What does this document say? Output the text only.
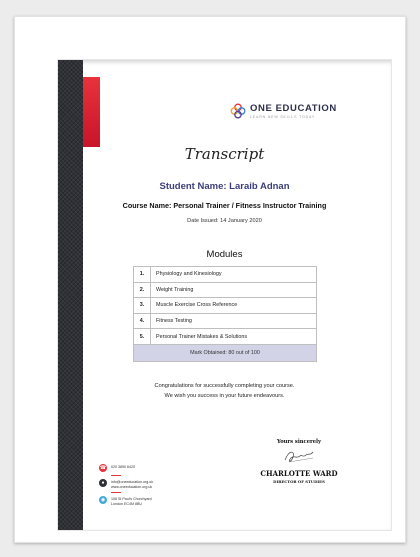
ONE EDUCATION
LEARN NEW SKILLS TODAY
Transcript
Student Name: Laraib Adnan
Course Name: Personal Trainer / Fitness Instructor Training
Date Issued: 14 January 2020
Modules
1.	Physiology and Kinesiology
2.	Weight Training
3.	Muscle Exercise Cross Reference
4.	Fitness Testing
5.	Personal Trainer Mistakes & Solutions
Mark Obtained: 80 out of 100	
Congratulations for successfully completing your course.
We wish you success in your future endeavours.
Yours sincerely
CHARLOTTE WARD
DIRECTOR OF STUDIES
☎ 020 3890 6420
●	info@oneeducation.org.uk
www.oneeducation.org.uk
◉	108 St Paul's Churchyard
London EC4M 8BU
